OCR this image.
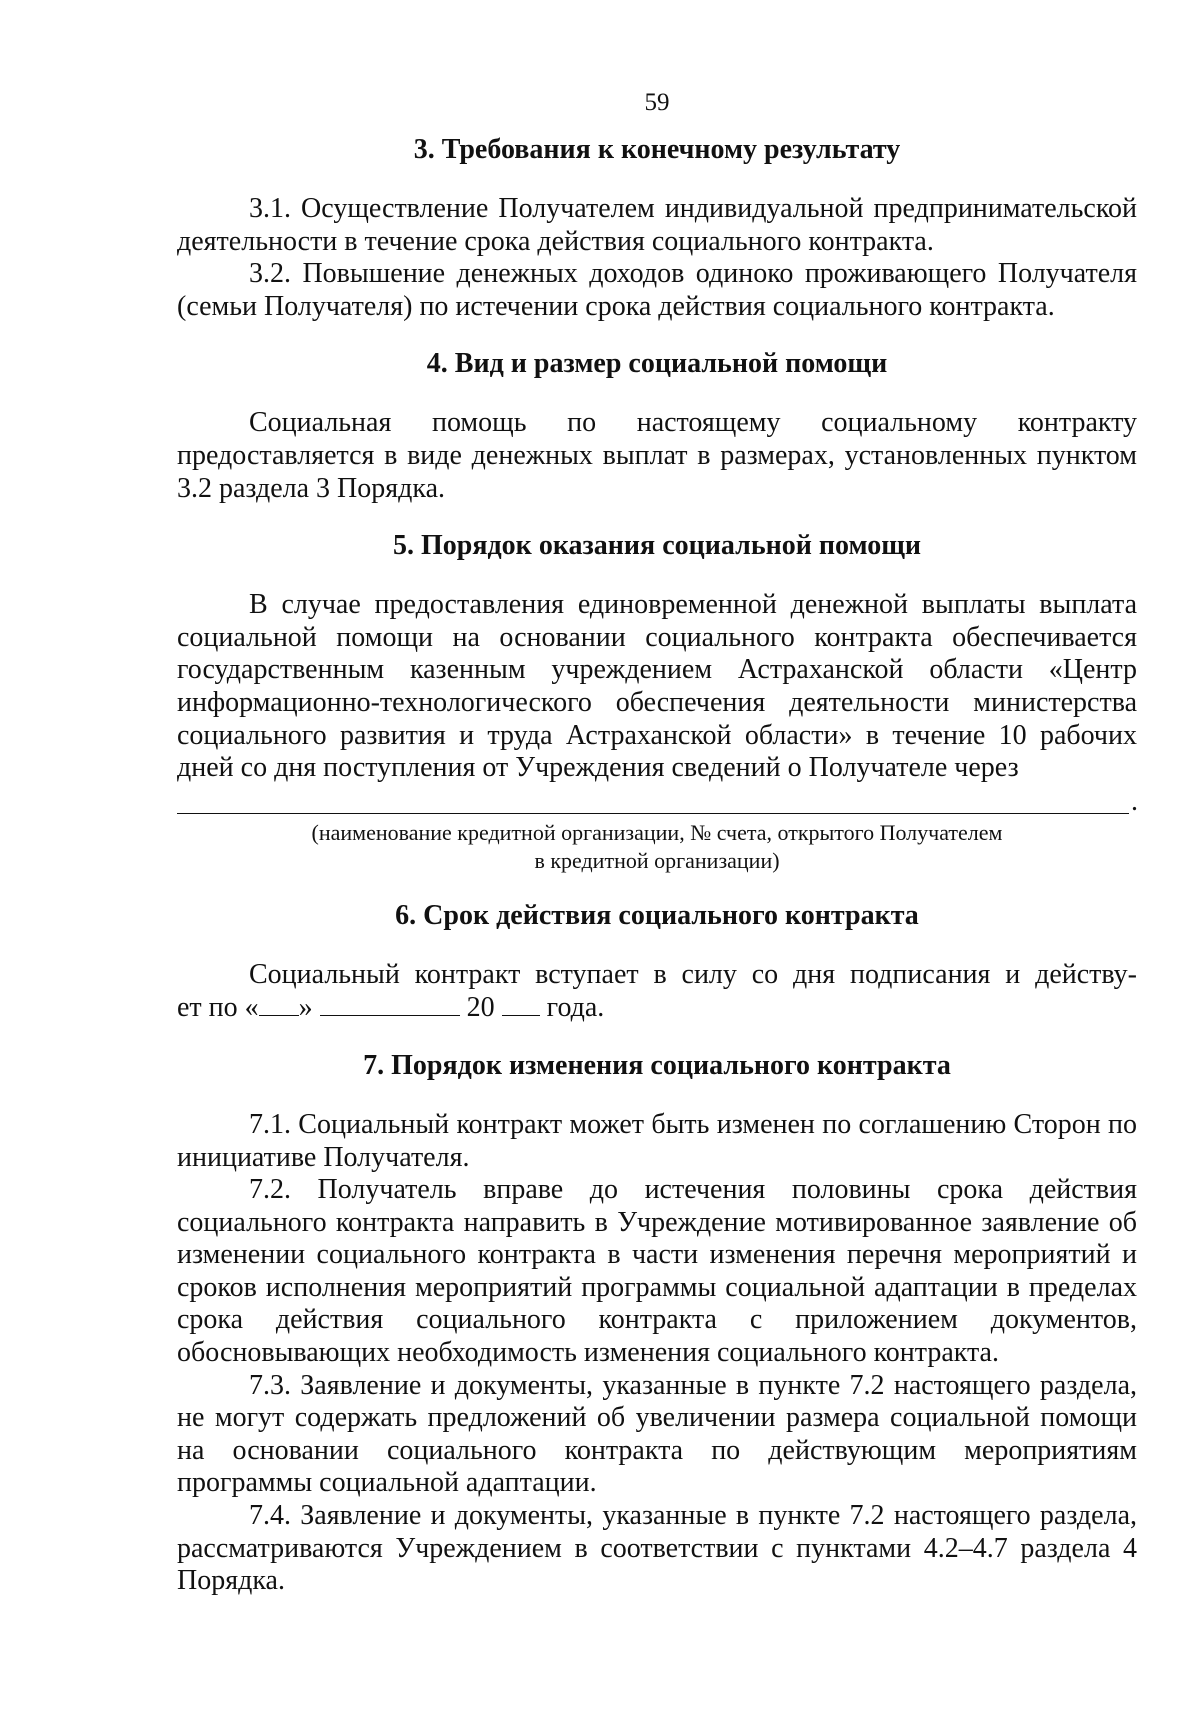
59
3. Требования к конечному результату

3.1. Осуществление Получателем индивидуальной предпринимательской деятельности в течение срока действия социального контракта.

3.2. Повышение денежных доходов одиноко проживающего Получателя (семьи Получателя) по истечении срока действия социального контракта.

4. Вид и размер социальной помощи

Социальная помощь по настоящему социальному контракту предоставляется в виде денежных выплат в размерах, установленных пунктом 3.2 раздела 3 Порядка.

5. Порядок оказания социальной помощи

В случае предоставления единовременной денежной выплаты выплата социальной помощи на основании социального контракта обеспечивается государственным казенным учреждением Астраханской области «Центр информационно-технологического обеспечения деятельности министерства социального развития и труда Астраханской области» в течение 10 рабочих дней со дня поступления от Учреждения сведений о Получателе через

.

(наименование кредитной организации, № счета, открытого Получателем

в кредитной организации)

6. Срок действия социального контракта

Социальный контракт вступает в силу со дня подписания и действу-

ет по « »	20 года.
7. Порядок изменения социального контракта

7.1. Социальный контракт может быть изменен по соглашению Сторон по инициативе Получателя.

7.2. Получатель вправе до истечения половины срока действия социального контракта направить в Учреждение мотивированное заявление об изменении социального контракта в части изменения перечня мероприятий и сроков исполнения мероприятий программы социальной адаптации в пределах срока действия социального контракта с приложением документов, обосновывающих необходимость изменения социального контракта.

7.3. Заявление и документы, указанные в пункте 7.2 настоящего раздела, не могут содержать предложений об увеличении размера социальной помощи на основании социального контракта по действующим мероприятиям программы социальной адаптации.

7.4. Заявление и документы, указанные в пункте 7.2 настоящего раздела, рассматриваются Учреждением в соответствии с пунктами 4.2–4.7 раздела 4 Порядка.
